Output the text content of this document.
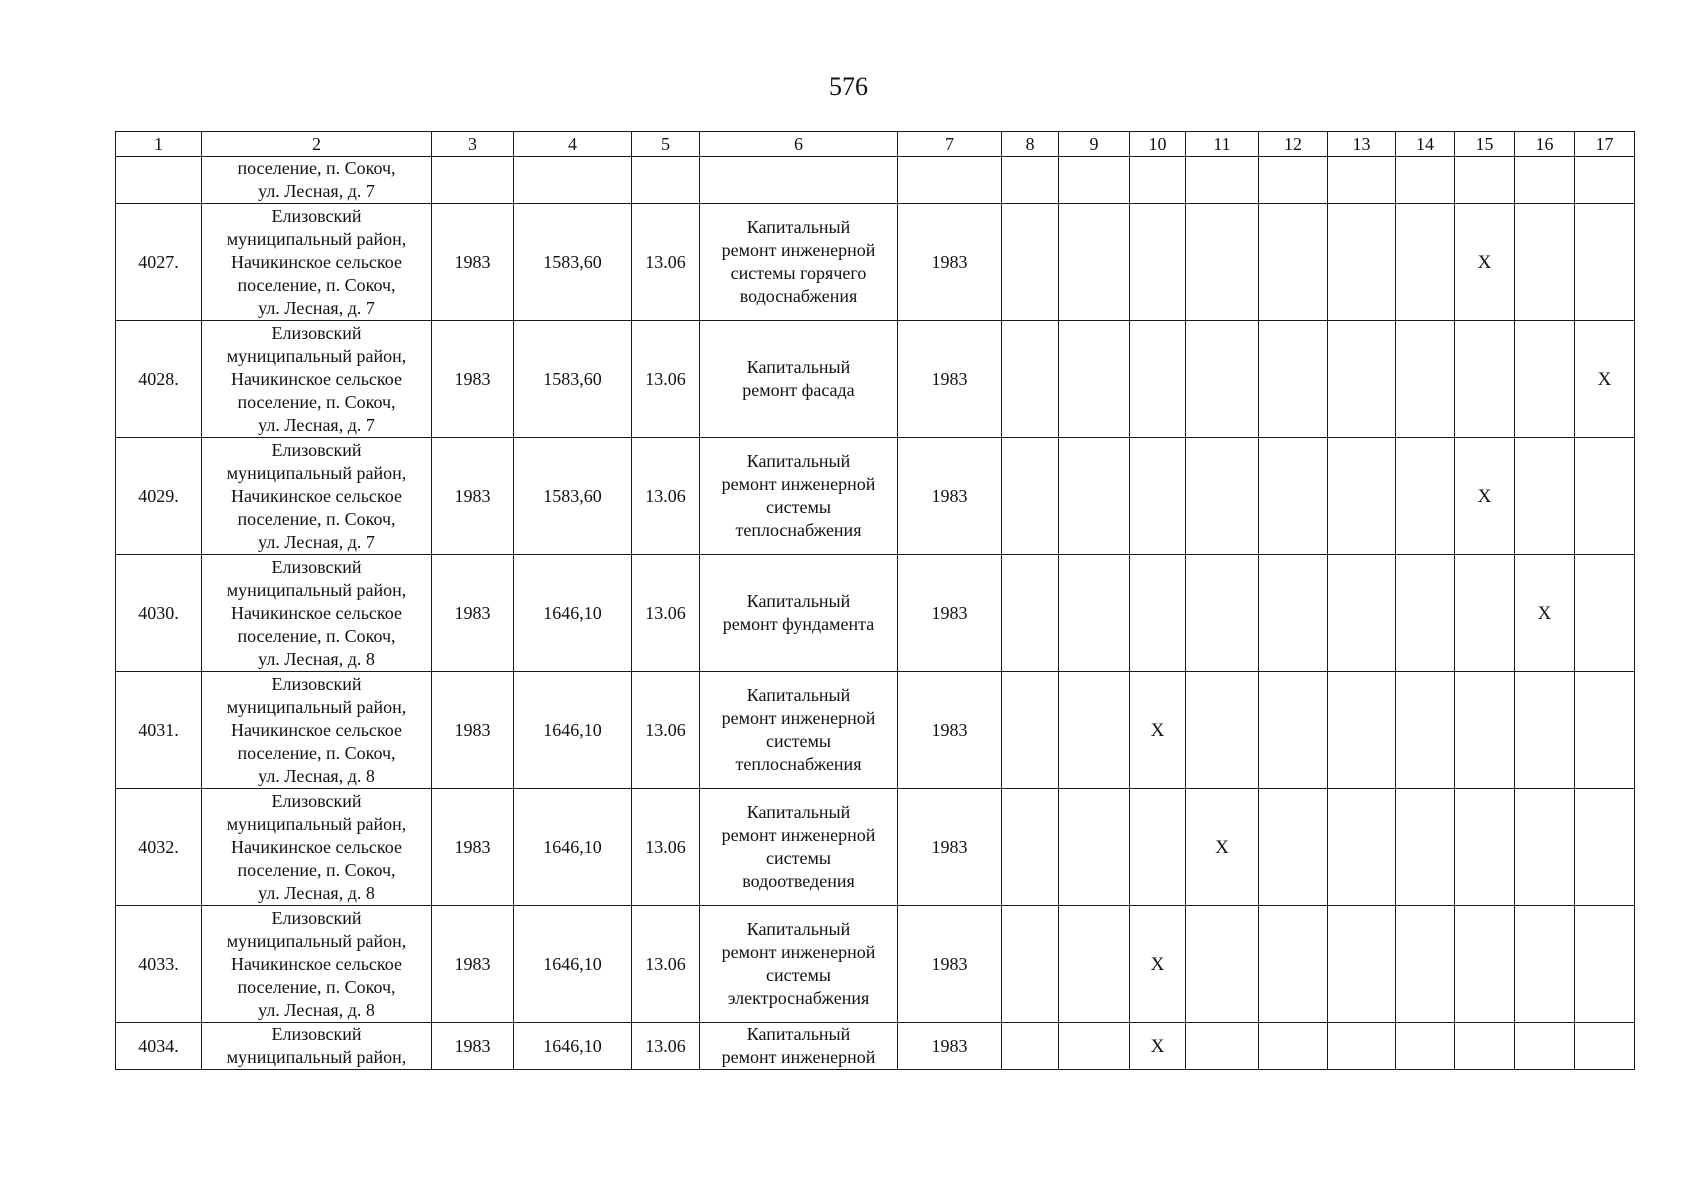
576
1	2	3	4	5	6	7	8	9	10	11	12	13	14	15	16	17

	поселение, п. Сокоч,
ул. Лесная, д. 7															

4027.	Елизовский
муниципальный район,
Начикинское сельское
поселение, п. Сокоч,
ул. Лесная, д. 7	1983	1583,60	13.06	Капитальный
ремонт инженерной
системы горячего
водоснабжения	1983								Х		
4028.	Елизовский
муниципальный район,
Начикинское сельское
поселение, п. Сокоч,
ул. Лесная, д. 7	1983	1583,60	13.06	Капитальный
ремонт фасада	1983										Х
4029.	Елизовский
муниципальный район,
Начикинское сельское
поселение, п. Сокоч,
ул. Лесная, д. 7	1983	1583,60	13.06	Капитальный
ремонт инженерной
системы
теплоснабжения	1983								Х		
4030.	Елизовский
муниципальный район,
Начикинское сельское
поселение, п. Сокоч,
ул. Лесная, д. 8	1983	1646,10	13.06	Капитальный
ремонт фундамента	1983									Х	
4031.	Елизовский
муниципальный район,
Начикинское сельское
поселение, п. Сокоч,
ул. Лесная, д. 8	1983	1646,10	13.06	Капитальный
ремонт инженерной
системы
теплоснабжения	1983			Х							
4032.	Елизовский
муниципальный район,
Начикинское сельское
поселение, п. Сокоч,
ул. Лесная, д. 8	1983	1646,10	13.06	Капитальный
ремонт инженерной
системы
водоотведения	1983				Х						
4033.	Елизовский
муниципальный район,
Начикинское сельское
поселение, п. Сокоч,
ул. Лесная, д. 8	1983	1646,10	13.06	Капитальный
ремонт инженерной
системы
электроснабжения	1983			Х							
4034.	Елизовский
муниципальный район,	1983	1646,10	13.06	Капитальный
ремонт инженерной	1983			Х							
